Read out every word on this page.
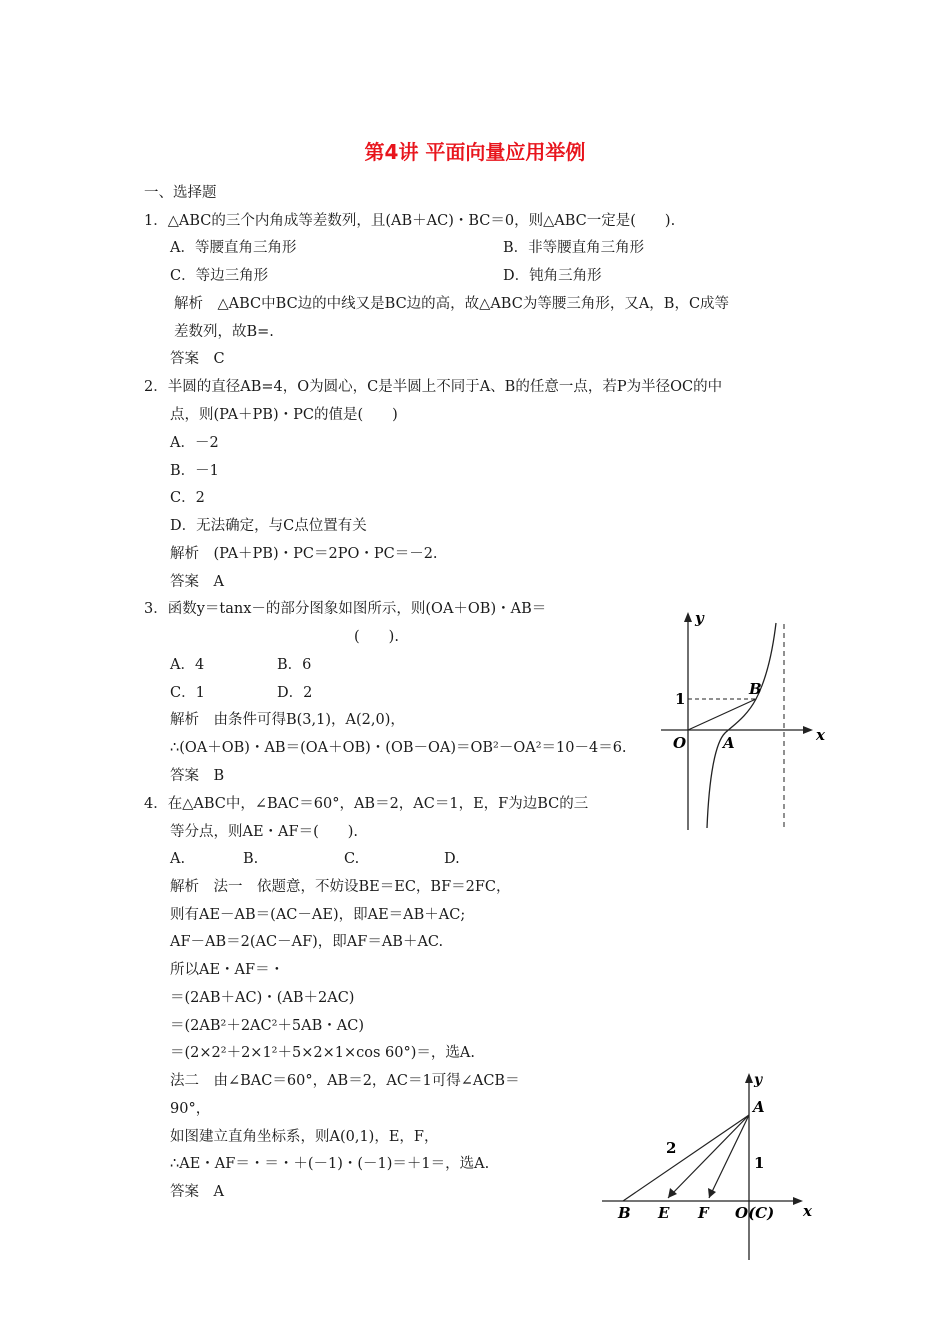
第4讲 平面向量应用举例
一、选择题
1．△ABC的三个内角成等差数列，且(AB＋AC)・BC＝0，则△ABC一定是(　　).
A．等腰直角三角形	B．非等腰直角三角形
C．等边三角形	D．钝角三角形
解析　△ABC中BC边的中线又是BC边的高，故△ABC为等腰三角形，又A，B，C成等
差数列，故B=.
答案　C
2．半圆的直径AB=4，O为圆心，C是半圆上不同于A、B的任意一点，若P为半径OC的中
点，则(PA＋PB)・PC的值是(　　)
A．－2
B．－1
C．2
D．无法确定，与C点位置有关
解析　(PA＋PB)・PC＝2PO・PC＝－2.
答案　A
3．函数y＝tanx－的部分图象如图所示，则(OA＋OB)・AB＝
(　　).
A．4	B．6
C．1	D．2
解析　由条件可得B(3,1)，A(2,0)，
∴(OA＋OB)・AB＝(OA＋OB)・(OB－OA)＝OB²－OA²＝10－4＝6.
答案　B
y
x
1
B
O A
4．在△ABC中，∠BAC＝60°，AB＝2，AC＝1，E，F为边BC的三
等分点，则AE・AF＝(　　).
A.	B.	C.	D.
解析　法一　依题意，不妨设BE＝EC，BF＝2FC，
则有AE－AB＝(AC－AE)，即AE＝AB＋AC;
AF－AB＝2(AC－AF)，即AF＝AB＋AC.
所以AE・AF＝・
＝(2AB＋AC)・(AB＋2AC)
＝(2AB²＋2AC²＋5AB・AC)
＝(2×2²＋2×1²＋5×2×1×cos 60°)＝，选A.
法二　由∠BAC＝60°，AB＝2，AC＝1可得∠ACB＝
90°，
如图建立直角坐标系，则A(0,1)，E，F，
∴AE・AF＝・＝・＋(－1)・(－1)＝＋1＝，选A.
答案　A
y
A
2
1
B E F O(C) x
